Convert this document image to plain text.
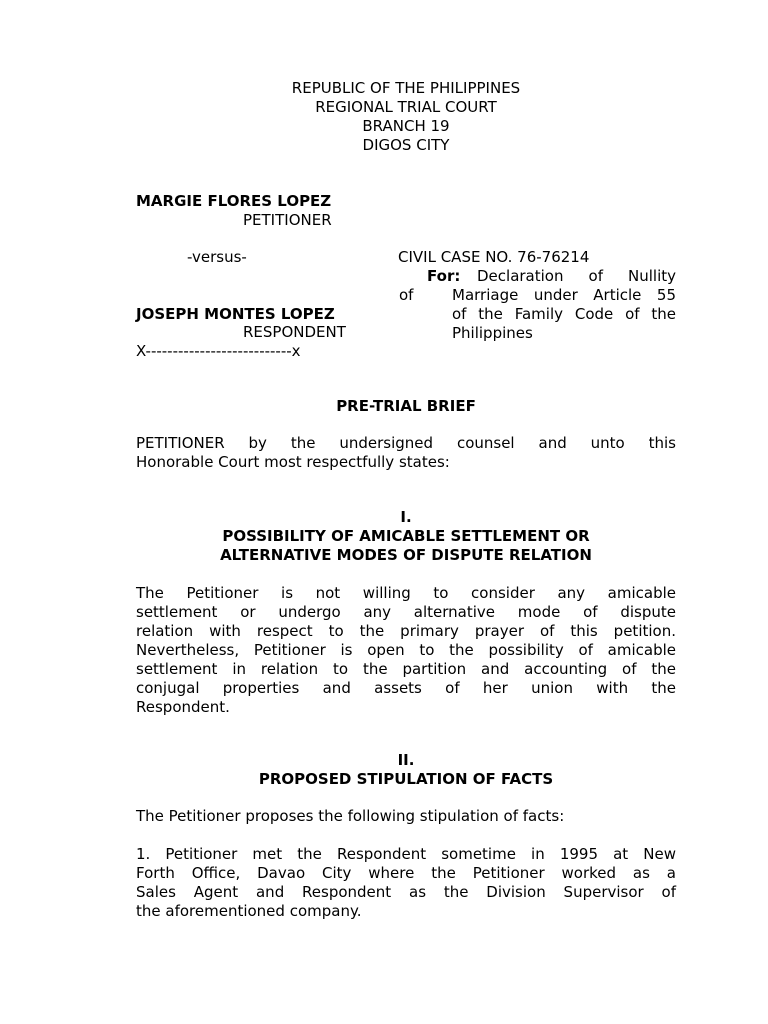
REPUBLIC OF THE PHILIPPINES
REGIONAL TRIAL COURT
BRANCH 19
DIGOS CITY
MARGIE FLORES LOPEZ
PETITIONER
-versus-
JOSEPH MONTES LOPEZ
RESPONDENT
X---------------------------x
CIVIL CASE NO. 76-76214
For: Declaration of Nullity
of	Marriage under Article 55
of the Family Code of the
Philippines
PRE-TRIAL BRIEF
PETITIONER by the undersigned counsel and unto this
Honorable Court most respectfully states:
I.
POSSIBILITY OF AMICABLE SETTLEMENT OR
ALTERNATIVE MODES OF DISPUTE RELATION
The Petitioner is not willing to consider any amicable
settlement or undergo any alternative mode of dispute
relation with respect to the primary prayer of this petition.
Nevertheless, Petitioner is open to the possibility of amicable
settlement in relation to the partition and accounting of the
conjugal properties and assets of her union with the
Respondent.
II.
PROPOSED STIPULATION OF FACTS
The Petitioner proposes the following stipulation of facts:
1. Petitioner met the Respondent sometime in 1995 at New
Forth Office, Davao City where the Petitioner worked as a
Sales Agent and Respondent as the Division Supervisor of
the aforementioned company.
